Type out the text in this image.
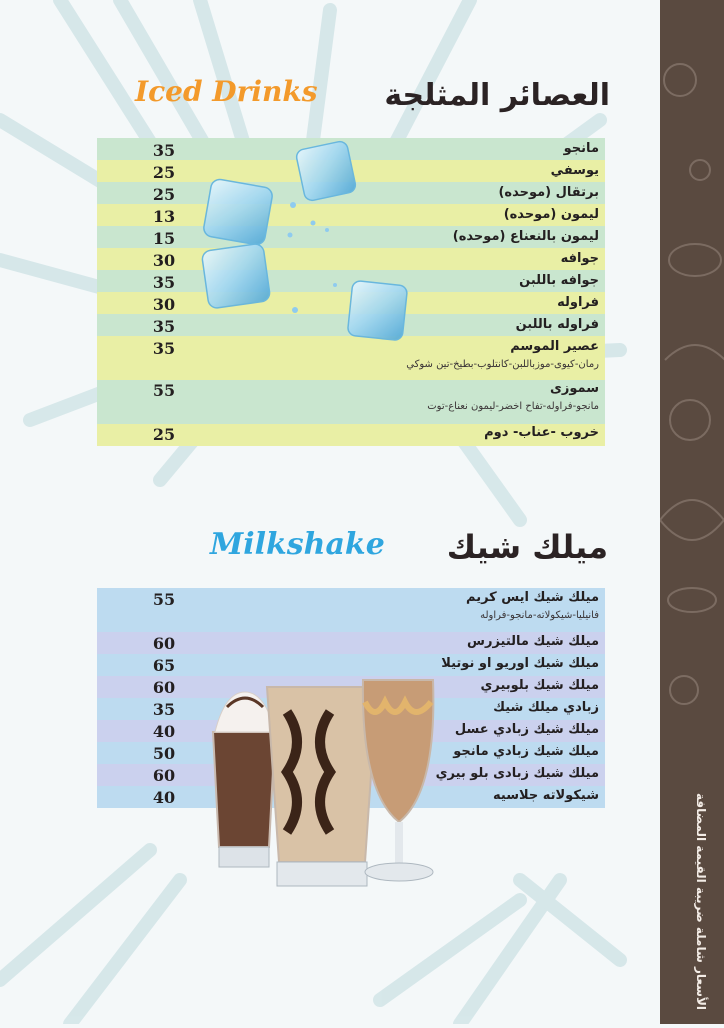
الأسعار شاملة ضريبة القيمة المضافة
العصائر المثلجة
Iced Drinks
مانجو
35
يوسفي
25
برتقال (موحده)
25
ليمون (موحده)
13
ليمون بالنعناع (موحده)
15
جوافه
30
جوافه باللبن
35
فراوله
30
فراوله باللبن
35
عصير الموسم
35
رمان-كيوى-موزباللبن-كانتلوب-بطيخ-تين شوكي
سموزى
55
مانجو-فراوله-تفاح اخضر-ليمون نعناع-توت
خروب -عناب- دوم
25
ميلك شيك
Milkshake
ميلك شيك ايس كريم
55
فانيليا-شيكولاته-مانجو-فراوله
ميلك شيك مالتيزرس
60
ميلك شيك اوريو او نوتيلا
65
ميلك شيك بلوبيري
60
زبادي ميلك شيك
35
ميلك شيك زبادي عسل
40
ميلك شيك زبادي مانجو
50
ميلك شيك زبادى بلو بيري
60
شيكولاته جلاسيه
40
